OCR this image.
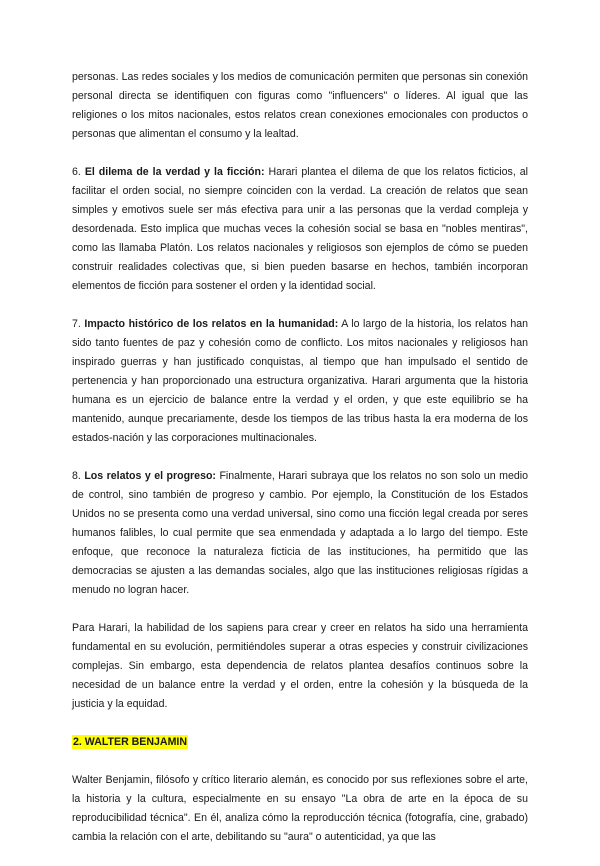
personas. Las redes sociales y los medios de comunicación permiten que personas sin conexión personal directa se identifiquen con figuras como "influencers" o líderes. Al igual que las religiones o los mitos nacionales, estos relatos crean conexiones emocionales con productos o personas que alimentan el consumo y la lealtad.

6. El dilema de la verdad y la ficción: Harari plantea el dilema de que los relatos ficticios, al facilitar el orden social, no siempre coinciden con la verdad. La creación de relatos que sean simples y emotivos suele ser más efectiva para unir a las personas que la verdad compleja y desordenada. Esto implica que muchas veces la cohesión social se basa en "nobles mentiras", como las llamaba Platón. Los relatos nacionales y religiosos son ejemplos de cómo se pueden construir realidades colectivas que, si bien pueden basarse en hechos, también incorporan elementos de ficción para sostener el orden y la identidad social.

7. Impacto histórico de los relatos en la humanidad: A lo largo de la historia, los relatos han sido tanto fuentes de paz y cohesión como de conflicto. Los mitos nacionales y religiosos han inspirado guerras y han justificado conquistas, al tiempo que han impulsado el sentido de pertenencia y han proporcionado una estructura organizativa. Harari argumenta que la historia humana es un ejercicio de balance entre la verdad y el orden, y que este equilibrio se ha mantenido, aunque precariamente, desde los tiempos de las tribus hasta la era moderna de los estados-nación y las corporaciones multinacionales.

8. Los relatos y el progreso: Finalmente, Harari subraya que los relatos no son solo un medio de control, sino también de progreso y cambio. Por ejemplo, la Constitución de los Estados Unidos no se presenta como una verdad universal, sino como una ficción legal creada por seres humanos falibles, lo cual permite que sea enmendada y adaptada a lo largo del tiempo. Este enfoque, que reconoce la naturaleza ficticia de las instituciones, ha permitido que las democracias se ajusten a las demandas sociales, algo que las instituciones religiosas rígidas a menudo no logran hacer.

Para Harari, la habilidad de los sapiens para crear y creer en relatos ha sido una herramienta fundamental en su evolución, permitiéndoles superar a otras especies y construir civilizaciones complejas. Sin embargo, esta dependencia de relatos plantea desafíos continuos sobre la necesidad de un balance entre la verdad y el orden, entre la cohesión y la búsqueda de la justicia y la equidad.

2. WALTER BENJAMIN

Walter Benjamin, filósofo y crítico literario alemán, es conocido por sus reflexiones sobre el arte, la historia y la cultura, especialmente en su ensayo "La obra de arte en la época de su reproducibilidad técnica". En él, analiza cómo la reproducción técnica (fotografía, cine, grabado) cambia la relación con el arte, debilitando su "aura" o autenticidad, ya que las
